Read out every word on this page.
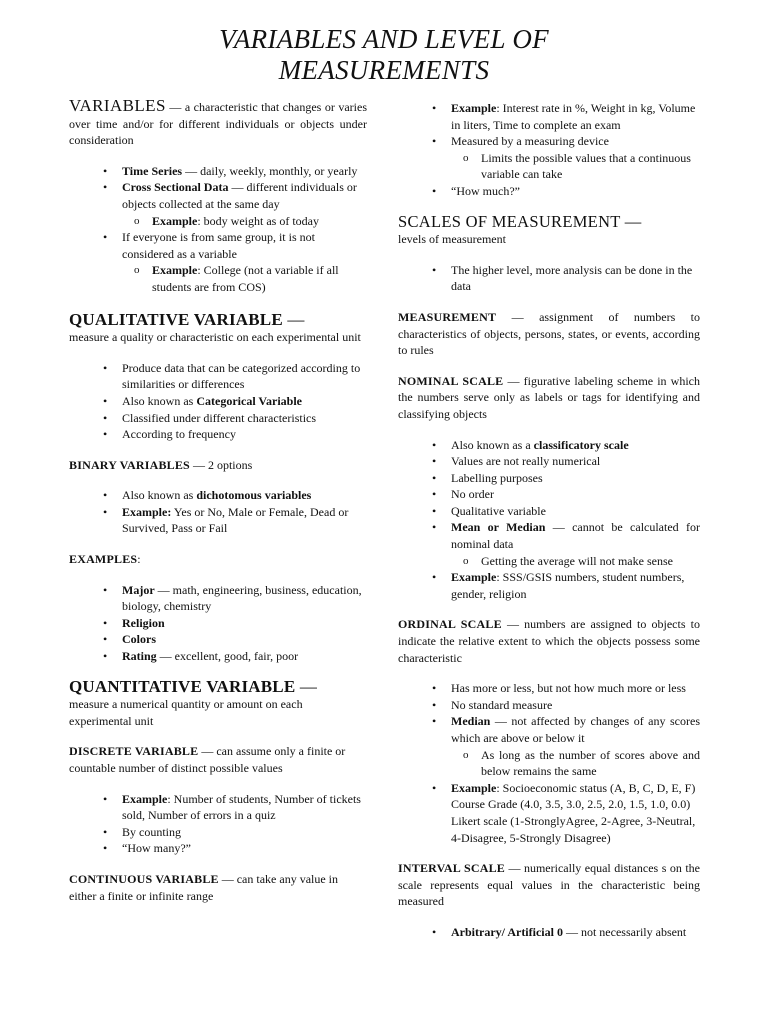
VARIABLES AND LEVEL OF
MEASUREMENTS

VARIABLES — a characteristic that changes or varies over time and/or for different individuals or objects under consideration

• Time Series — daily, weekly, monthly, or yearly
• Cross Sectional Data — different individuals or objects collected at the same day
o Example: body weight as of today
• If everyone is from same group, it is not considered as a variable
o Example: College (not a variable if all students are from COS)

QUALITATIVE VARIABLE —

measure a quality or characteristic on each experimental unit

• Produce data that can be categorized according to similarities or differences
• Also known as Categorical Variable
• Classified under different characteristics
• According to frequency

BINARY VARIABLES — 2 options

• Also known as dichotomous variables
• Example: Yes or No, Male or Female, Dead or Survived, Pass or Fail

EXAMPLES:

• Major — math, engineering, business, education, biology, chemistry
• Religion
• Colors
• Rating — excellent, good, fair, poor

QUANTITATIVE VARIABLE —

measure a numerical quantity or amount on each experimental unit

DISCRETE VARIABLE — can assume only a finite or countable number of distinct possible values

• Example: Number of students, Number of tickets sold, Number of errors in a quiz
• By counting
• “How many?”

CONTINUOUS VARIABLE — can take any value in either a finite or infinite range

• Example: Interest rate in %, Weight in kg, Volume in liters, Time to complete an exam
• Measured by a measuring device
o Limits the possible values that a continuous variable can take
• “How much?”

SCALES OF MEASUREMENT —

levels of measurement

• The higher level, more analysis can be done in the data

MEASUREMENT — assignment of numbers to characteristics of objects, persons, states, or events, according to rules

NOMINAL SCALE — figurative labeling scheme in which the numbers serve only as labels or tags for identifying and classifying objects

• Also known as a classificatory scale
• Values are not really numerical
• Labelling purposes
• No order
• Qualitative variable
• Mean or Median — cannot be calculated for nominal data
o Getting the average will not make sense
• Example: SSS/GSIS numbers, student numbers, gender, religion

ORDINAL SCALE — numbers are assigned to objects to indicate the relative extent to which the objects possess some characteristic

• Has more or less, but not how much more or less
• No standard measure
• Median — not affected by changes of any scores which are above or below it
o As long as the number of scores above and below remains the same
• Example: Socioeconomic status (A, B, C, D, E, F) Course Grade (4.0, 3.5, 3.0, 2.5, 2.0, 1.5, 1.0, 0.0) Likert scale (1-StronglyAgree, 2-Agree, 3-Neutral, 4-Disagree, 5-Strongly Disagree)

INTERVAL SCALE — numerically equal distances s on the scale represents equal values in the characteristic being measured

• Arbitrary/ Artificial 0 — not necessarily absent
